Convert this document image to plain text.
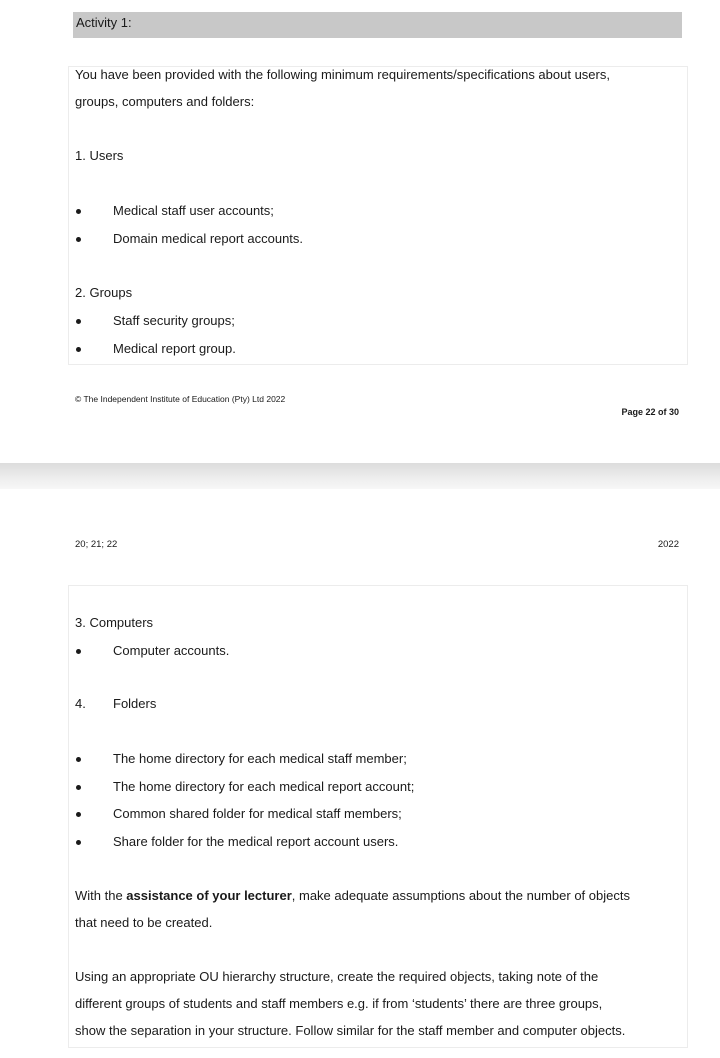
Activity 1:
You have been provided with the following minimum requirements/specifications about users,
groups, computers and folders:
1. Users
Medical staff user accounts;
Domain medical report accounts.
2. Groups
Staff security groups;
Medical report group.
© The Independent Institute of Education (Pty) Ltd 2022
Page 22 of 30
20; 21; 22	2022
3. Computers
Computer accounts.
4. Folders
The home directory for each medical staff member;
The home directory for each medical report account;
Common shared folder for medical staff members;
Share folder for the medical report account users.
With the assistance of your lecturer, make adequate assumptions about the number of objects
that need to be created.
Using an appropriate OU hierarchy structure, create the required objects, taking note of the
different groups of students and staff members e.g. if from ‘students’ there are three groups,
show the separation in your structure. Follow similar for the staff member and computer objects.
